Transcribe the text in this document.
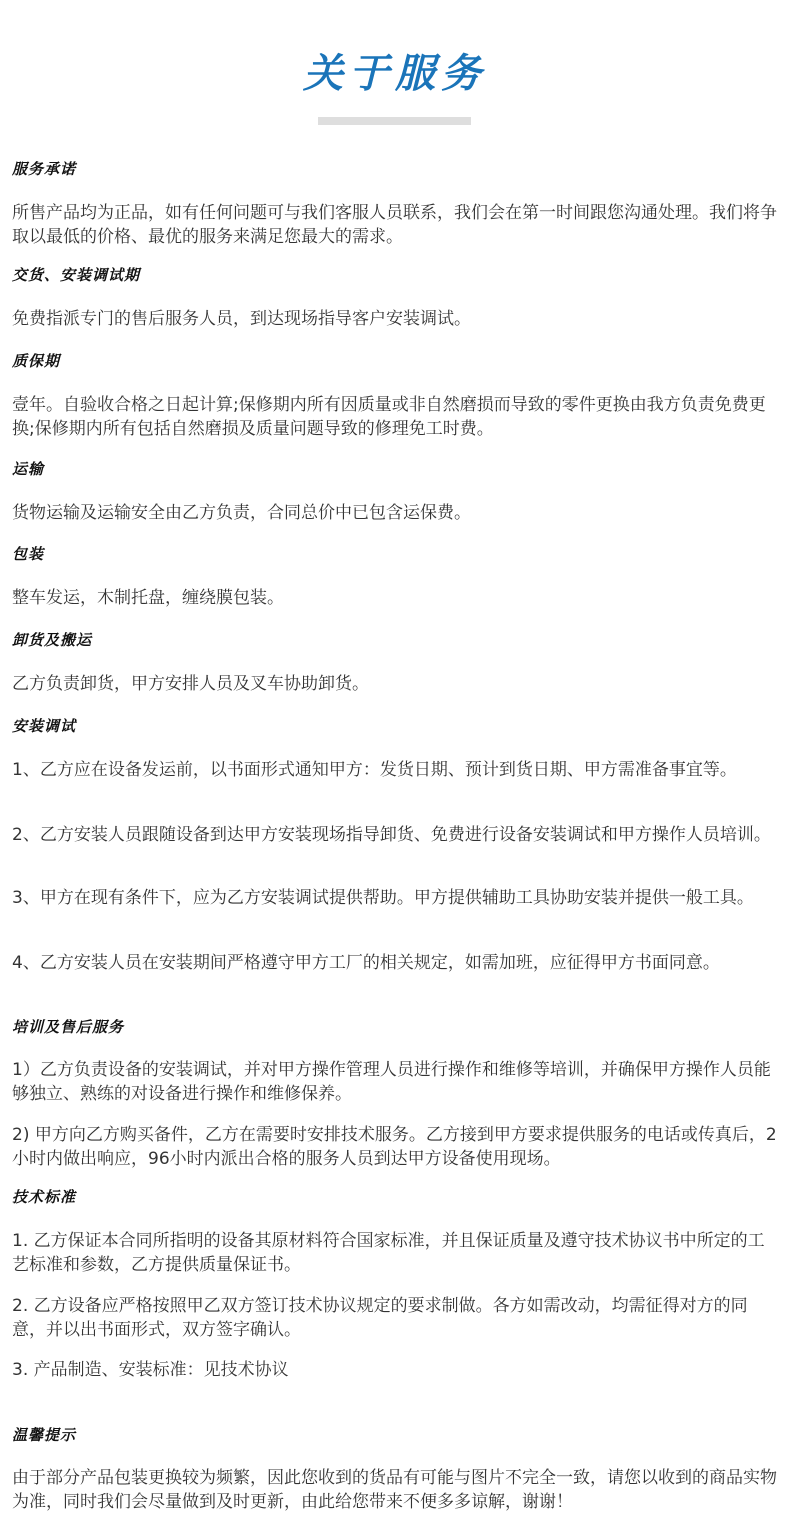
关于服务
服务承诺
所售产品均为正品，如有任何问题可与我们客服人员联系，我们会在第一时间跟您沟通处理。我们将争取以最低的价格、最优的服务来满足您最大的需求。
交货、安装调试期
免费指派专门的售后服务人员，到达现场指导客户安装调试。
质保期
壹年。自验收合格之日起计算;保修期内所有因质量或非自然磨损而导致的零件更换由我方负责免费更换;保修期内所有包括自然磨损及质量问题导致的修理免工时费。
运输
货物运输及运输安全由乙方负责，合同总价中已包含运保费。
包装
整车发运，木制托盘，缠绕膜包装。
卸货及搬运
乙方负责卸货，甲方安排人员及叉车协助卸货。
安装调试
1、乙方应在设备发运前，以书面形式通知甲方：发货日期、预计到货日期、甲方需准备事宜等。
2、乙方安装人员跟随设备到达甲方安装现场指导卸货、免费进行设备安装调试和甲方操作人员培训。
3、甲方在现有条件下，应为乙方安装调试提供帮助。甲方提供辅助工具协助安装并提供一般工具。
4、乙方安装人员在安装期间严格遵守甲方工厂的相关规定，如需加班，应征得甲方书面同意。
培训及售后服务
1）乙方负责设备的安装调试，并对甲方操作管理人员进行操作和维修等培训，并确保甲方操作人员能够独立、熟练的对设备进行操作和维修保养。
2) 甲方向乙方购买备件，乙方在需要时安排技术服务。乙方接到甲方要求提供服务的电话或传真后，2小时内做出响应，96小时内派出合格的服务人员到达甲方设备使用现场。
技术标准
1. 乙方保证本合同所指明的设备其原材料符合国家标准，并且保证质量及遵守技术协议书中所定的工艺标准和参数，乙方提供质量保证书。
2. 乙方设备应严格按照甲乙双方签订技术协议规定的要求制做。各方如需改动，均需征得对方的同意，并以出书面形式，双方签字确认。
3. 产品制造、安装标准：见技术协议
温馨提示
由于部分产品包装更换较为频繁，因此您收到的货品有可能与图片不完全一致，请您以收到的商品实物为准，同时我们会尽量做到及时更新，由此给您带来不便多多谅解，谢谢！
